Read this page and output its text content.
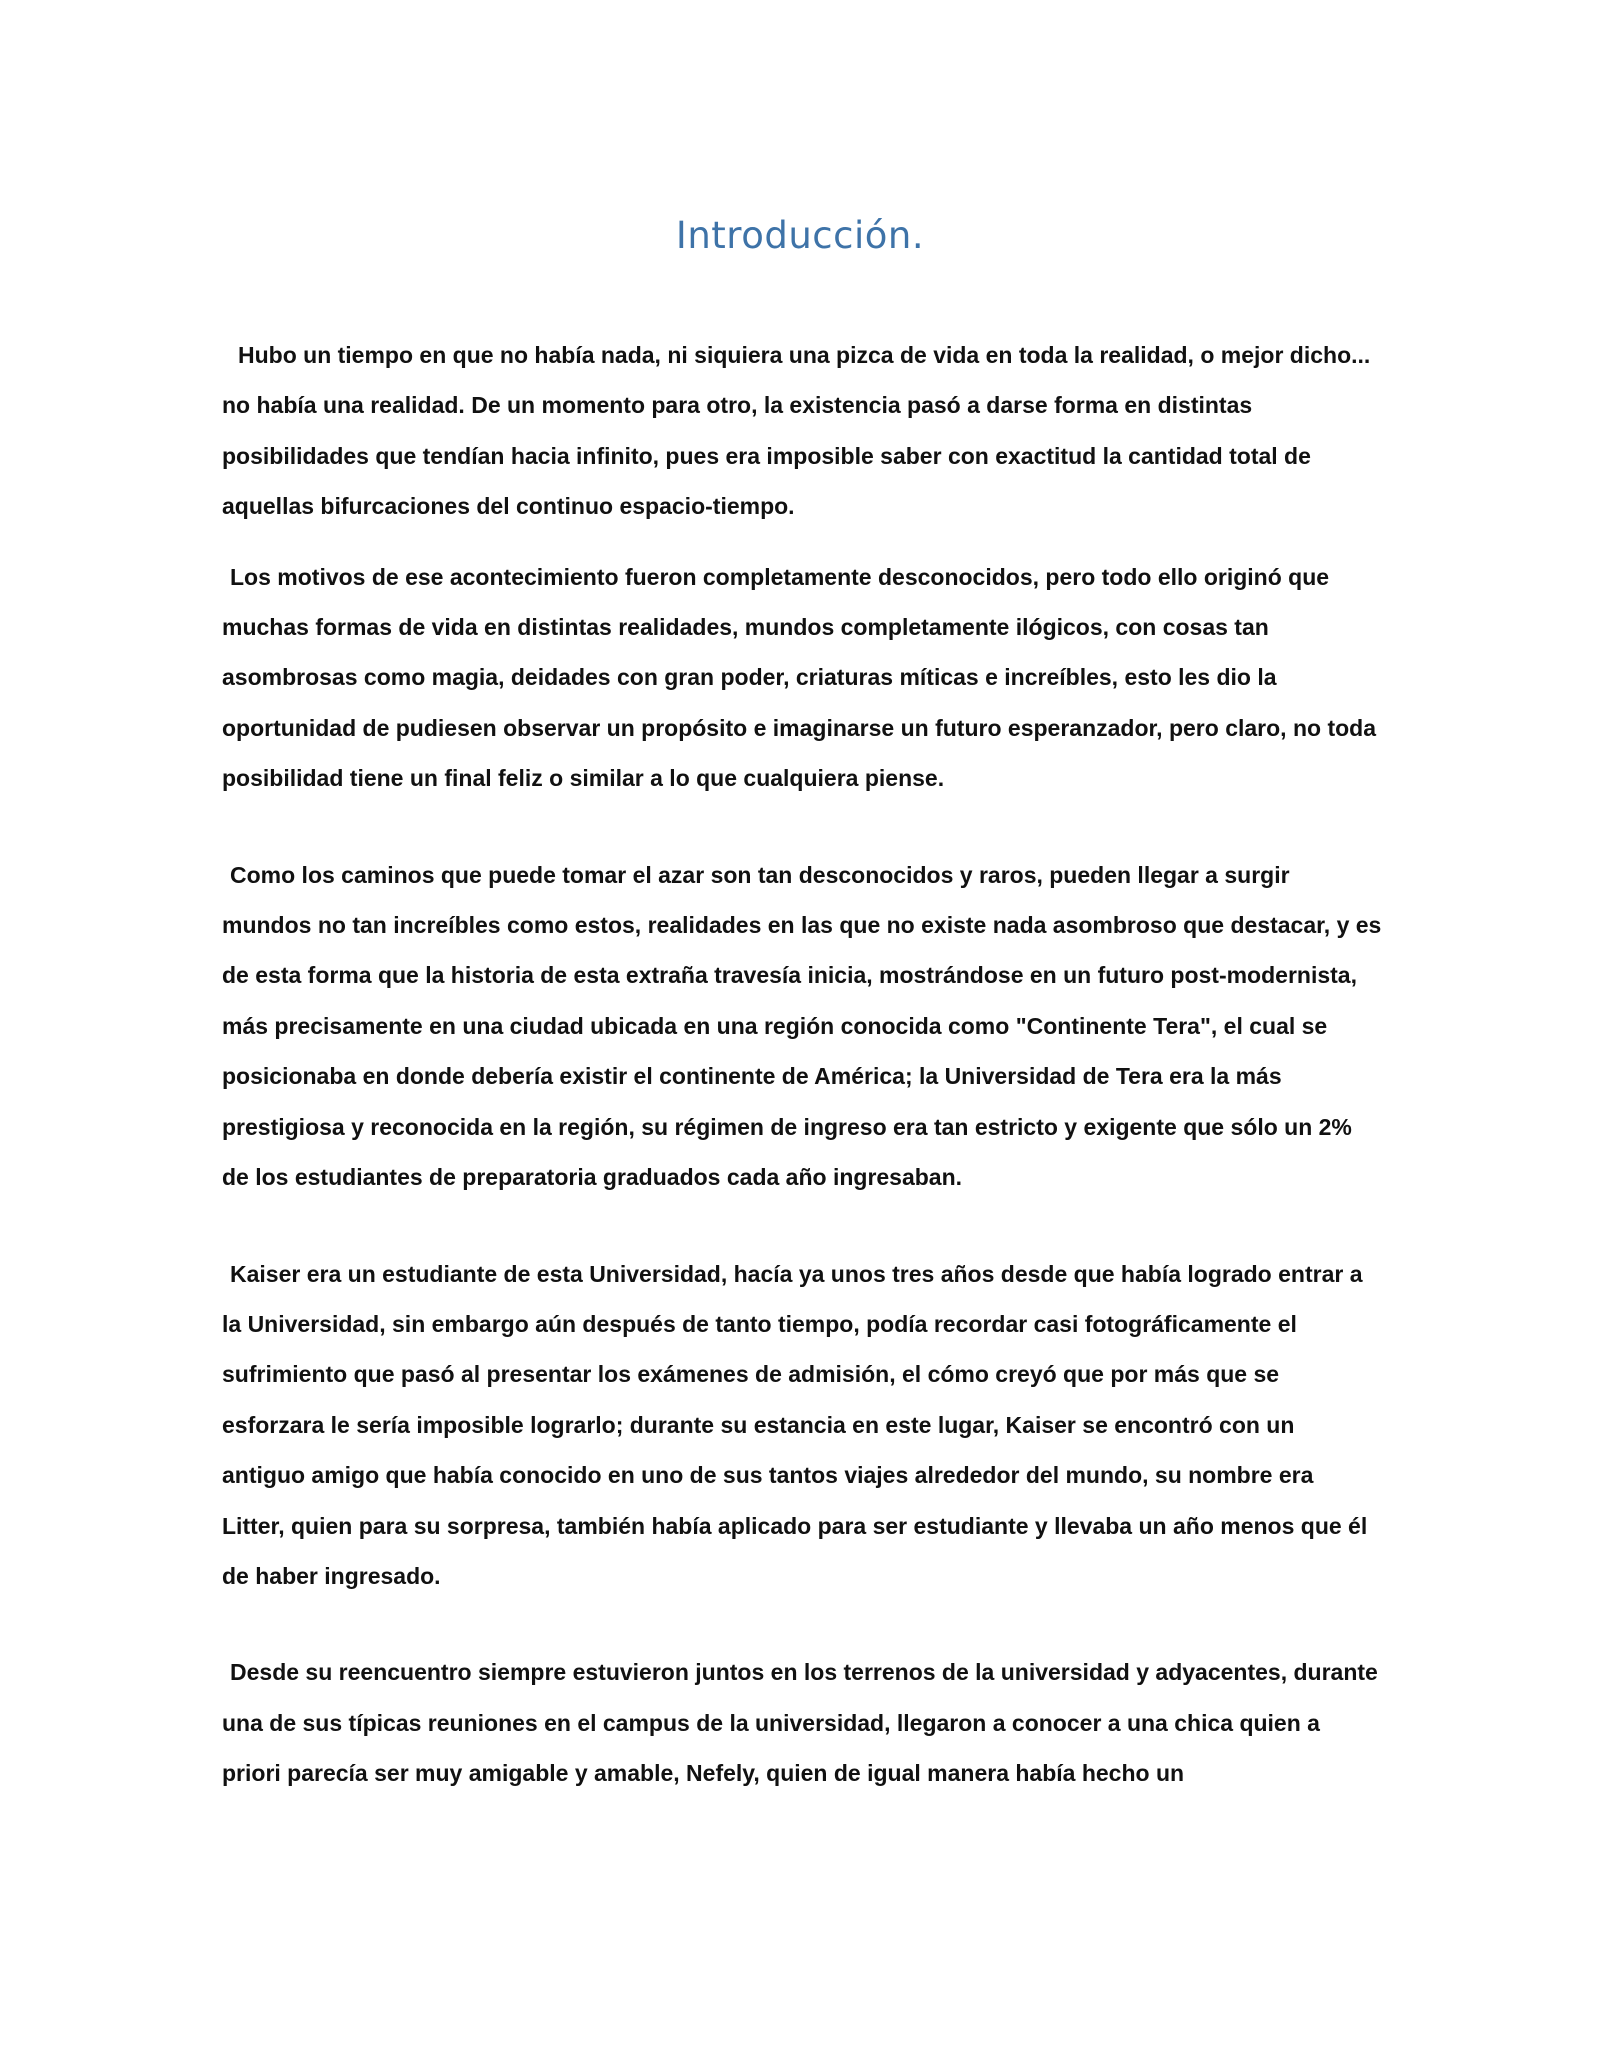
Introducción.

Hubo un tiempo en que no había nada, ni siquiera una pizca de vida en toda la realidad, o mejor dicho... no había una realidad. De un momento para otro, la existencia pasó a darse forma en distintas posibilidades que tendían hacia infinito, pues era imposible saber con exactitud la cantidad total de aquellas bifurcaciones del continuo espacio-tiempo.

Los motivos de ese acontecimiento fueron completamente desconocidos, pero todo ello originó que muchas formas de vida en distintas realidades, mundos completamente ilógicos, con cosas tan asombrosas como magia, deidades con gran poder, criaturas míticas e increíbles, esto les dio la oportunidad de pudiesen observar un propósito e imaginarse un futuro esperanzador, pero claro, no toda posibilidad tiene un final feliz o similar a lo que cualquiera piense.

Como los caminos que puede tomar el azar son tan desconocidos y raros, pueden llegar a surgir mundos no tan increíbles como estos, realidades en las que no existe nada asombroso que destacar, y es de esta forma que la historia de esta extraña travesía inicia, mostrándose en un futuro post-modernista, más precisamente en una ciudad ubicada en una región conocida como "Continente Tera", el cual se posicionaba en donde debería existir el continente de América; la Universidad de Tera era la más prestigiosa y reconocida en la región, su régimen de ingreso era tan estricto y exigente que sólo un 2% de los estudiantes de preparatoria graduados cada año ingresaban.

Kaiser era un estudiante de esta Universidad, hacía ya unos tres años desde que había logrado entrar a la Universidad, sin embargo aún después de tanto tiempo, podía recordar casi fotográficamente el sufrimiento que pasó al presentar los exámenes de admisión, el cómo creyó que por más que se esforzara le sería imposible lograrlo; durante su estancia en este lugar, Kaiser se encontró con un antiguo amigo que había conocido en uno de sus tantos viajes alrededor del mundo, su nombre era Litter, quien para su sorpresa, también había aplicado para ser estudiante y llevaba un año menos que él de haber ingresado.

Desde su reencuentro siempre estuvieron juntos en los terrenos de la universidad y adyacentes, durante una de sus típicas reuniones en el campus de la universidad, llegaron a conocer a una chica quien a priori parecía ser muy amigable y amable, Nefely, quien de igual manera había hecho un
